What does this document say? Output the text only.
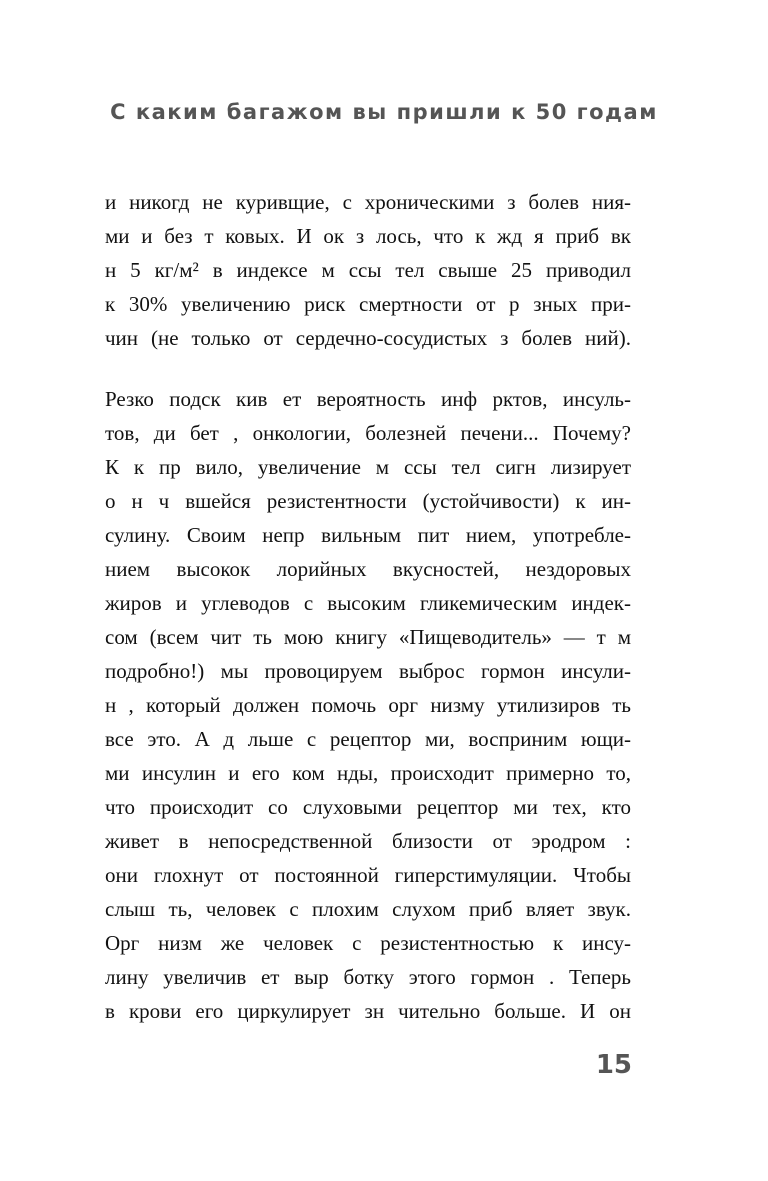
С каким багажом вы пришли к 50 годам
и никогд не куривщие, с хроническими з болев ния-
ми и без т ковых. И ок з лось, что к жд я приб вк
н 5 кг/м² в индексе м ссы тел свыше 25 приводил
к 30% увеличению риск смертности от р зных при-
чин (не только от сердечно-сосудистых з болев ний).
Резко подск кив ет вероятность инф рктов, инсуль-
тов, ди бет , онкологии, болезней печени... Почему?
К к пр вило, увеличение м ссы тел сигн лизирует
о н ч вшейся резистентности (устойчивости) к ин-
сулину. Своим непр вильным пит нием, употребле-
нием высокок лорийных вкусностей, нездоровых
жиров и углеводов с высоким гликемическим индек-
сом (всем чит ть мою книгу «Пищеводитель» — т м
подробно!) мы провоцируем выброс гормон инсули-
н , который должен помочь орг низму утилизиров ть
все это. А д льше с рецептор ми, восприним ющи-
ми инсулин и его ком нды, происходит примерно то,
что происходит со слуховыми рецептор ми тех, кто
живет в непосредственной близости от эродром :
они глохнут от постоянной гиперстимуляции. Чтобы
слыш ть, человек с плохим слухом приб вляет звук.
Орг низм же человек с резистентностью к инсу-
лину увеличив ет выр ботку этого гормон . Теперь
в крови его циркулирует зн чительно больше. И он
15
